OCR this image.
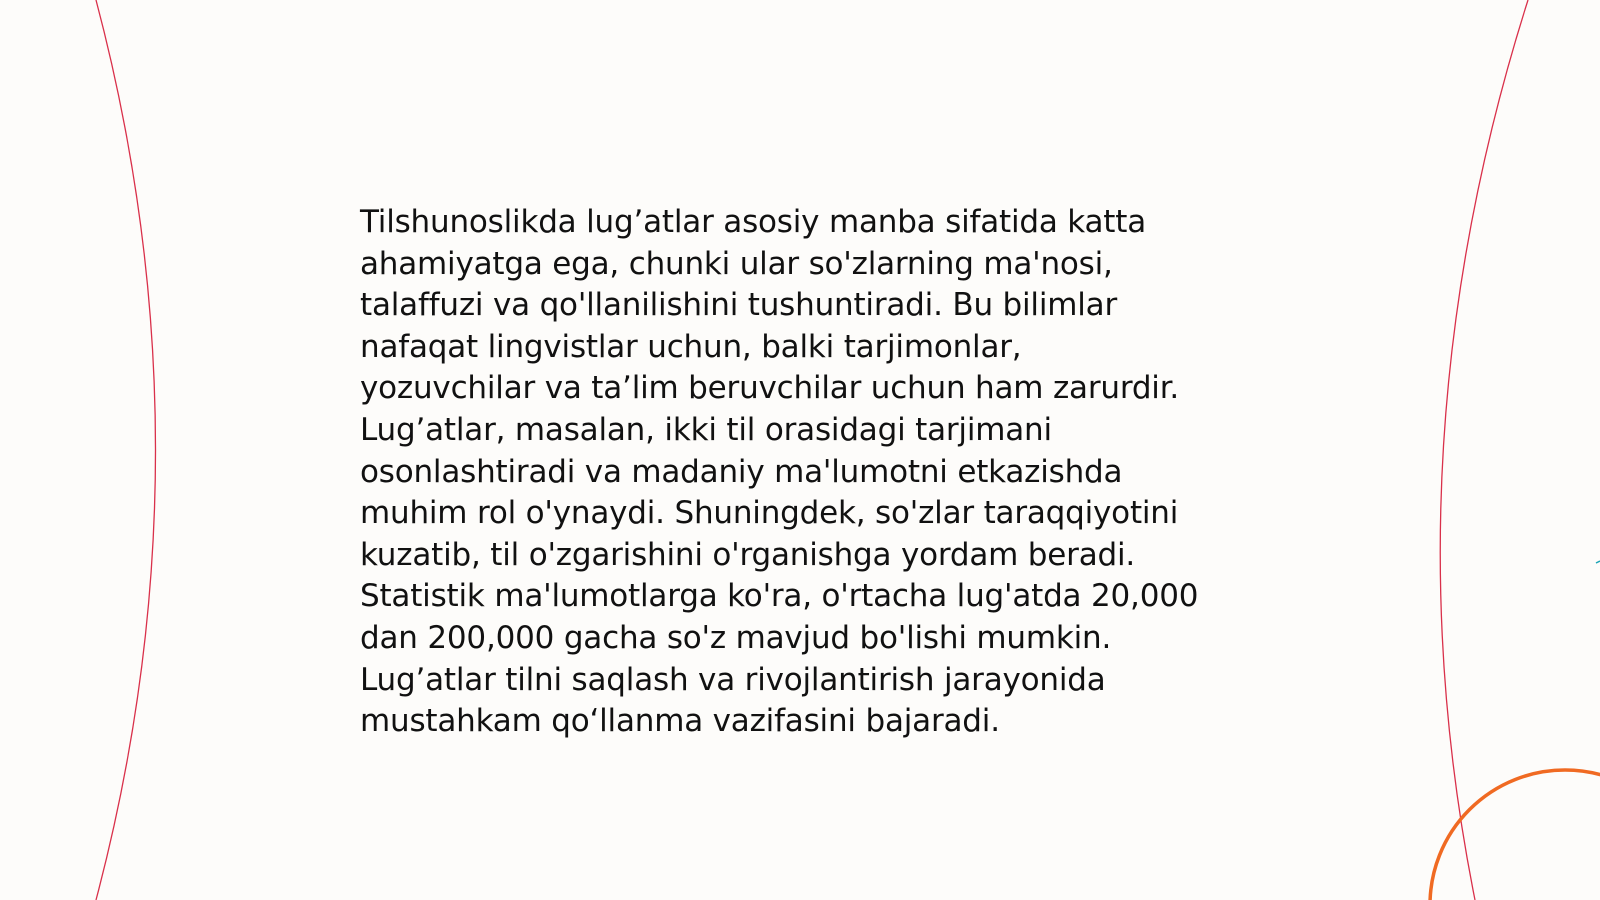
Tilshunoslikda lug’atlar asosiy manba sifatida katta
ahamiyatga ega, chunki ular so'zlarning ma'nosi,
talaffuzi va qo'llanilishini tushuntiradi. Bu bilimlar
nafaqat lingvistlar uchun, balki tarjimonlar,
yozuvchilar va ta’lim beruvchilar uchun ham zarurdir.
Lug’atlar, masalan, ikki til orasidagi tarjimani
osonlashtiradi va madaniy ma'lumotni etkazishda
muhim rol o'ynaydi. Shuningdek, so'zlar taraqqiyotini
kuzatib, til o'zgarishini o'rganishga yordam beradi.
Statistik ma'lumotlarga ko'ra, o'rtacha lug'atda 20,000
dan 200,000 gacha so'z mavjud bo'lishi mumkin.
Lug’atlar tilni saqlash va rivojlantirish jarayonida
mustahkam qo‘llanma vazifasini bajaradi.
